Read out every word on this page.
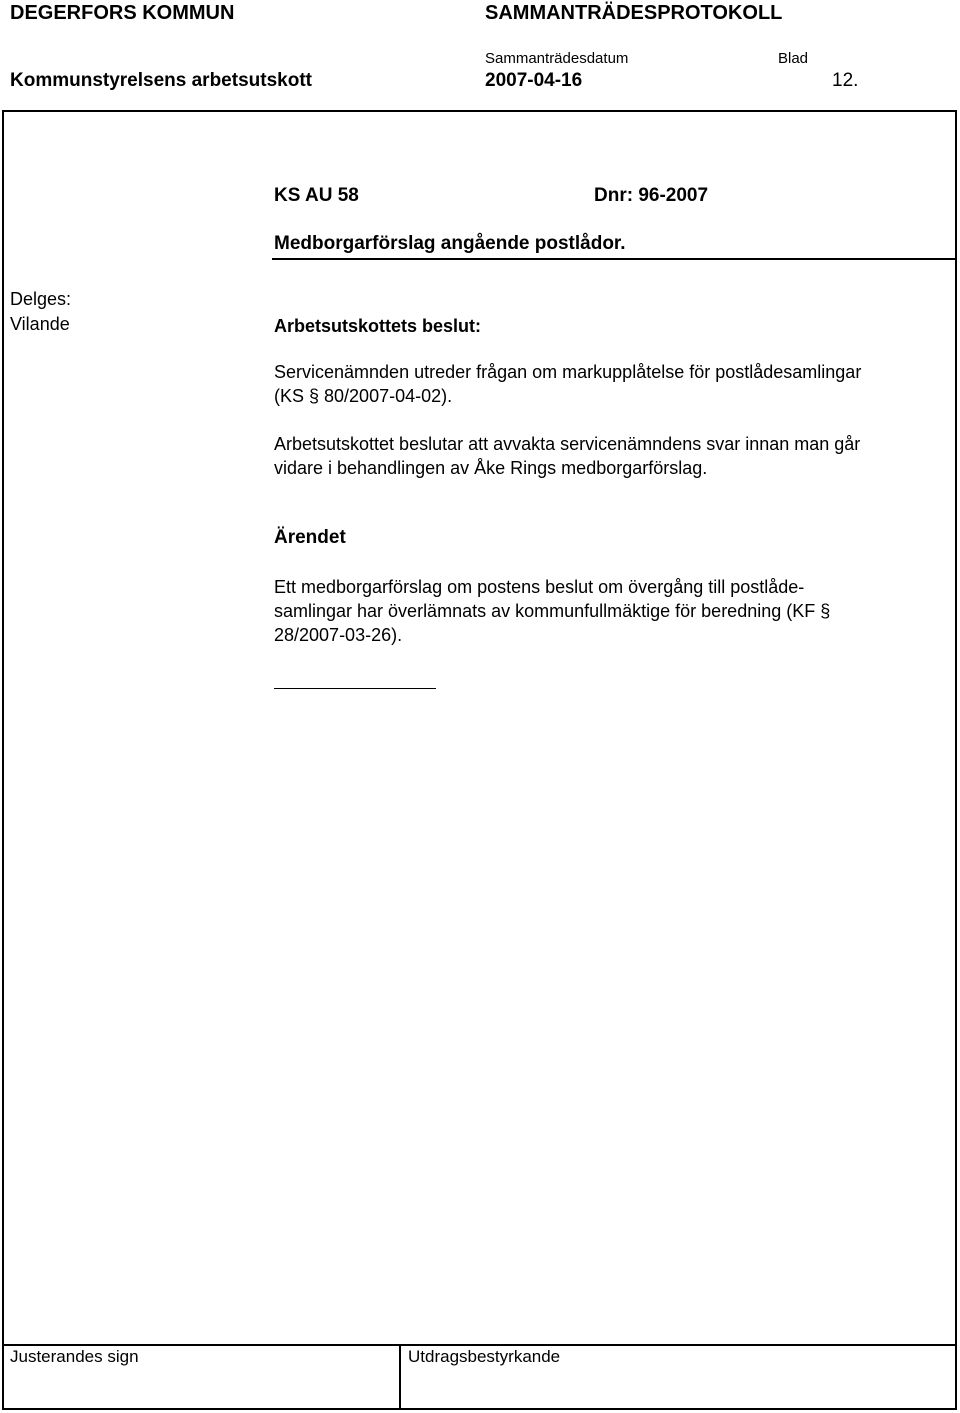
DEGERFORS KOMMUN	SAMMANTRÄDESPROTOKOLL
Sammanträdesdatum	Blad
Kommunstyrelsens arbetsutskott	2007-04-16	12.
KS AU 58	Dnr: 96-2007
Medborgarförslag angående postlådor.
Delges:
Vilande	Arbetsutskottets beslut:
Servicenämnden utreder frågan om markupplåtelse för postlådesamlingar
(KS § 80/2007-04-02).
Arbetsutskottet beslutar att avvakta servicenämndens svar innan man går
vidare i behandlingen av Åke Rings medborgarförslag.
Ärendet
Ett medborgarförslag om postens beslut om övergång till postlåde-
samlingar har överlämnats av kommunfullmäktige för beredning (KF §
28/2007-03-26).
Justerandes sign	Utdragsbestyrkande
